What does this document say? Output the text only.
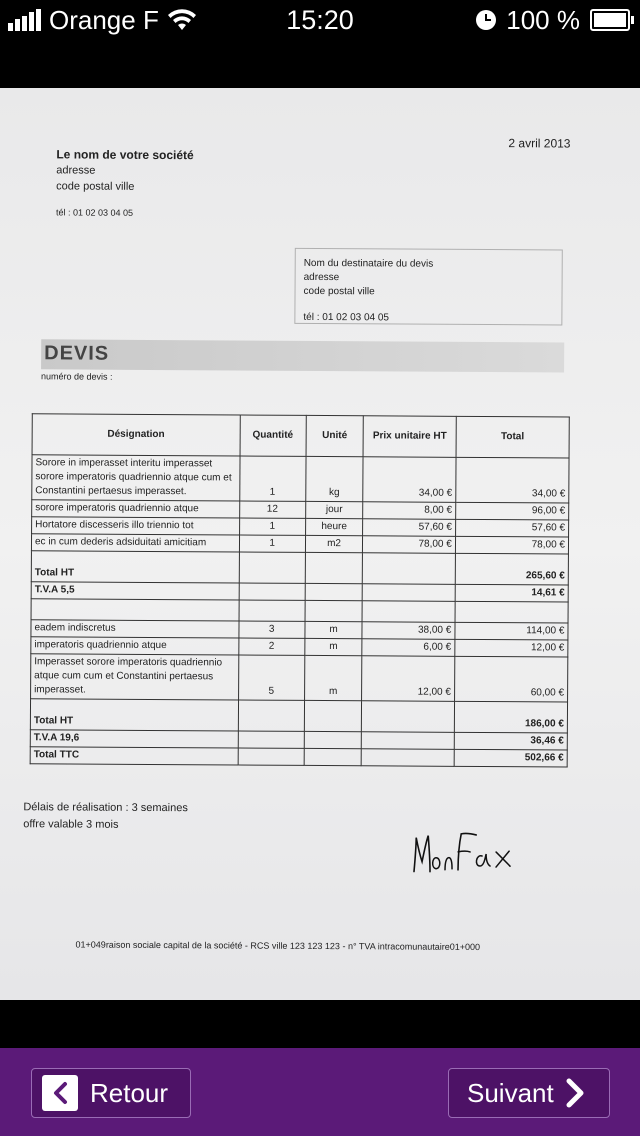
Orange F	15:20	100 %
2 avril 2013
Le nom de votre société
adresse
code postal ville
tél : 01 02 03 04 05
Nom du destinataire du devis
adresse
code postal ville
tél : 01 02 03 04 05
DEVIS
numéro de devis :
Désignation	Quantité	Unité	Prix unitaire HT	Total
Sorore in imperasset interitu imperasset sorore imperatoris quadriennio atque cum et Constantini pertaesus imperasset.	1	kg	34,00 €	34,00 €
sorore imperatoris quadriennio atque	12	jour	8,00 €	96,00 €
Hortatore discesseris illo triennio tot	1	heure	57,60 €	57,60 €
ec in cum dederis adsiduitati amicitiam	1	m2	78,00 €	78,00 €
Total HT				265,60 €
T.V.A 5,5				14,61 €

eadem indiscretus	3	m	38,00 €	114,00 €
imperatoris quadriennio atque	2	m	6,00 €	12,00 €
Imperasset sorore imperatoris quadriennio atque cum cum et Constantini pertaesus imperasset.	5	m	12,00 €	60,00 €
Total HT				186,00 €
T.V.A 19,6				36,46 €
Total TTC				502,66 €
Délais de réalisation : 3 semaines
offre valable 3 mois
01+049raison sociale capital de la société - RCS ville 123 123 123 - n° TVA intracomunautaire01+000
Retour	Suivant
